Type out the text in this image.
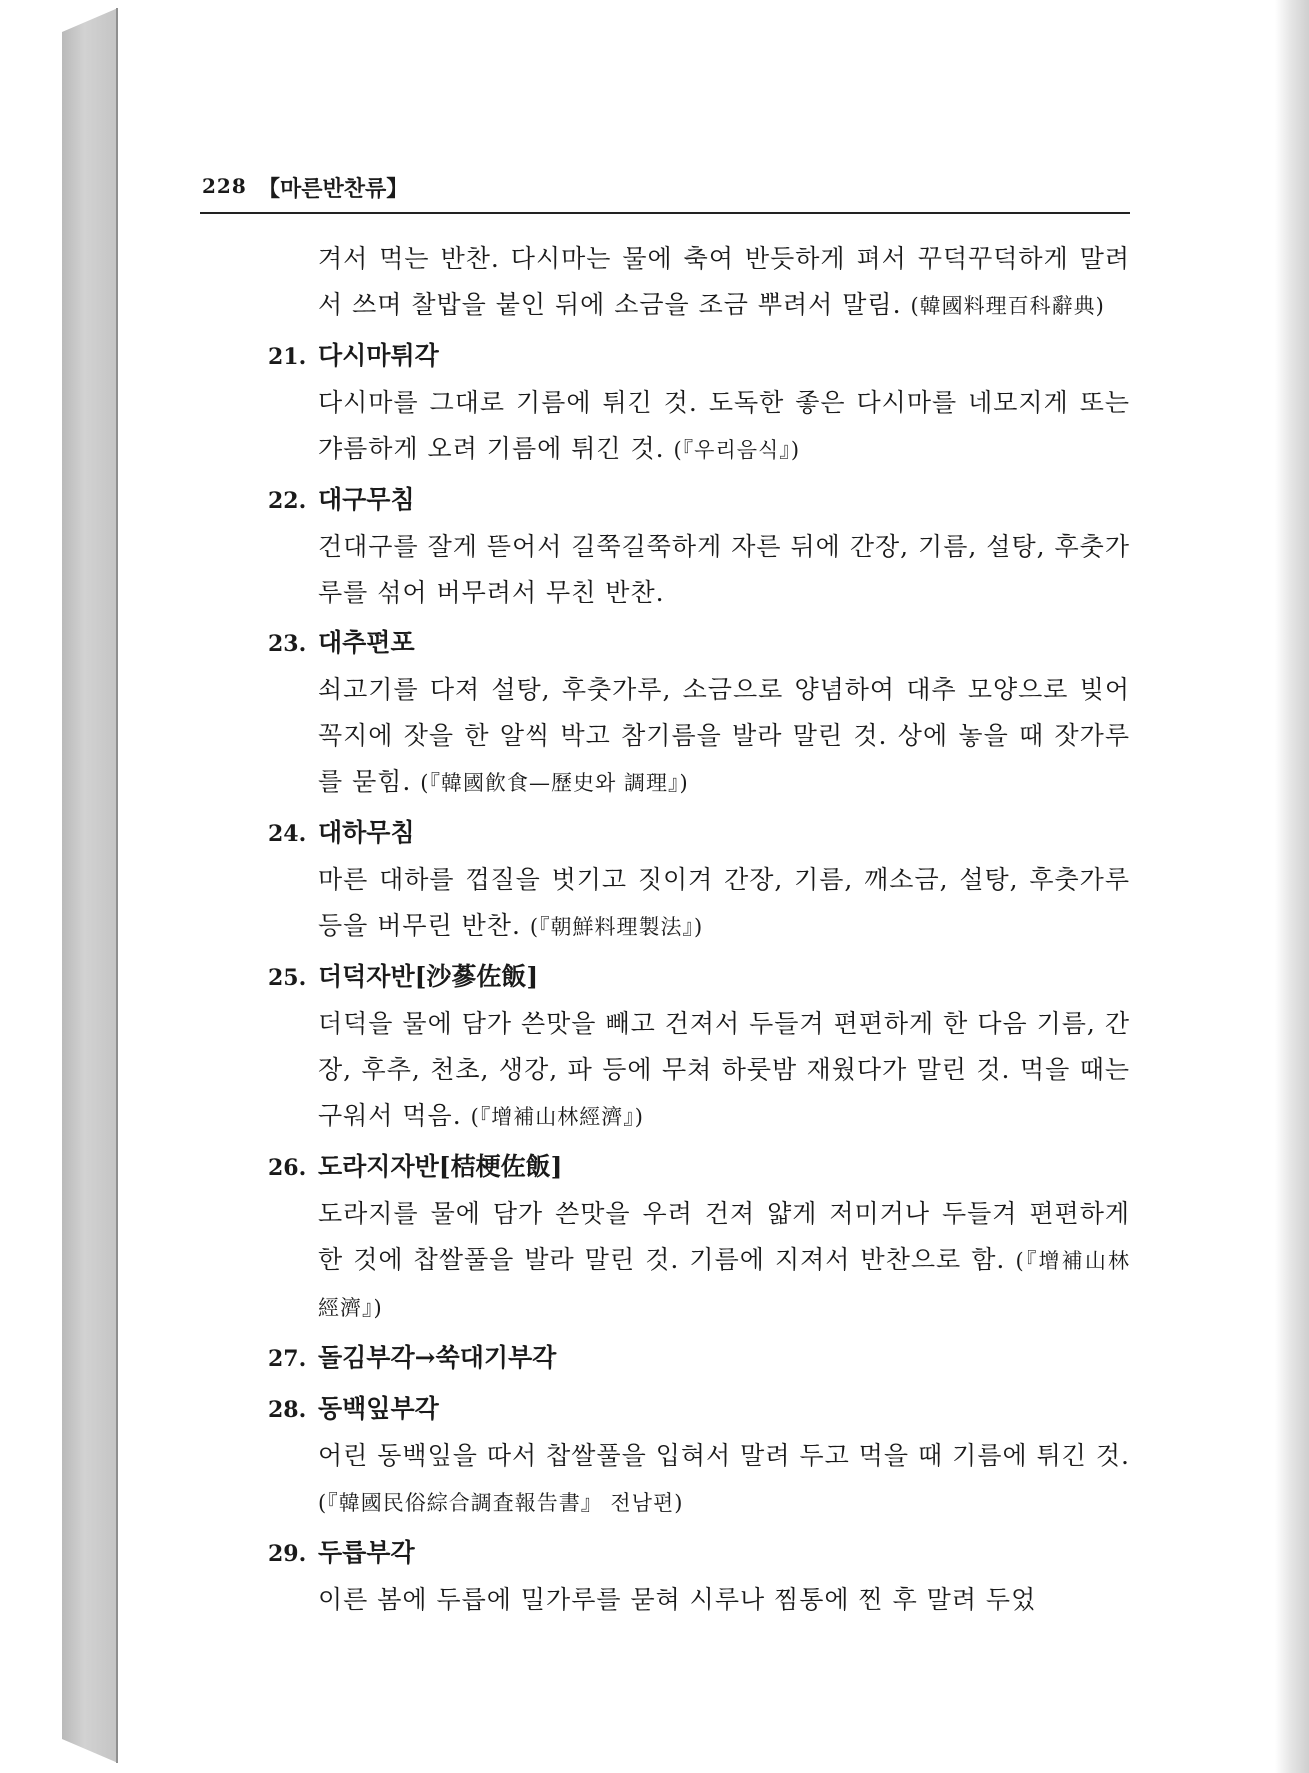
228 【마른반찬류】

겨서 먹는 반찬. 다시마는 물에 축여 반듯하게 펴서 꾸덕꾸덕하게 말려서 쓰며 찰밥을 붙인 뒤에 소금을 조금 뿌려서 말림. (韓國料理百科辭典)

21. 다시마튀각

다시마를 그대로 기름에 튀긴 것. 도독한 좋은 다시마를 네모지게 또는 갸름하게 오려 기름에 튀긴 것. (『우리음식』)

22. 대구무침

건대구를 잘게 뜯어서 길쭉길쭉하게 자른 뒤에 간장, 기름, 설탕, 후춧가루를 섞어 버무려서 무친 반찬.

23. 대추편포

쇠고기를 다져 설탕, 후춧가루, 소금으로 양념하여 대추 모양으로 빚어 꼭지에 잣을 한 알씩 박고 참기름을 발라 말린 것. 상에 놓을 때 잣가루를 묻힘. (『韓國飮食—歷史와 調理』)

24. 대하무침

마른 대하를 껍질을 벗기고 짓이겨 간장, 기름, 깨소금, 설탕, 후춧가루 등을 버무린 반찬. (『朝鮮料理製法』)

25. 더덕자반[沙蔘佐飯]

더덕을 물에 담가 쓴맛을 빼고 건져서 두들겨 편편하게 한 다음 기름, 간장, 후추, 천초, 생강, 파 등에 무쳐 하룻밤 재웠다가 말린 것. 먹을 때는 구워서 먹음. (『增補山林經濟』)

26. 도라지자반[桔梗佐飯]

도라지를 물에 담가 쓴맛을 우려 건져 얇게 저미거나 두들겨 편편하게 한 것에 찹쌀풀을 발라 말린 것. 기름에 지져서 반찬으로 함. (『增補山林經濟』)

27. 돌김부각→쑥대기부각
28. 동백잎부각

어린 동백잎을 따서 찹쌀풀을 입혀서 말려 두고 먹을 때 기름에 튀긴 것. (『韓國民俗綜合調査報告書』 전남편)

29. 두릅부각

이른 봄에 두릅에 밀가루를 묻혀 시루나 찜통에 찐 후 말려 두었
